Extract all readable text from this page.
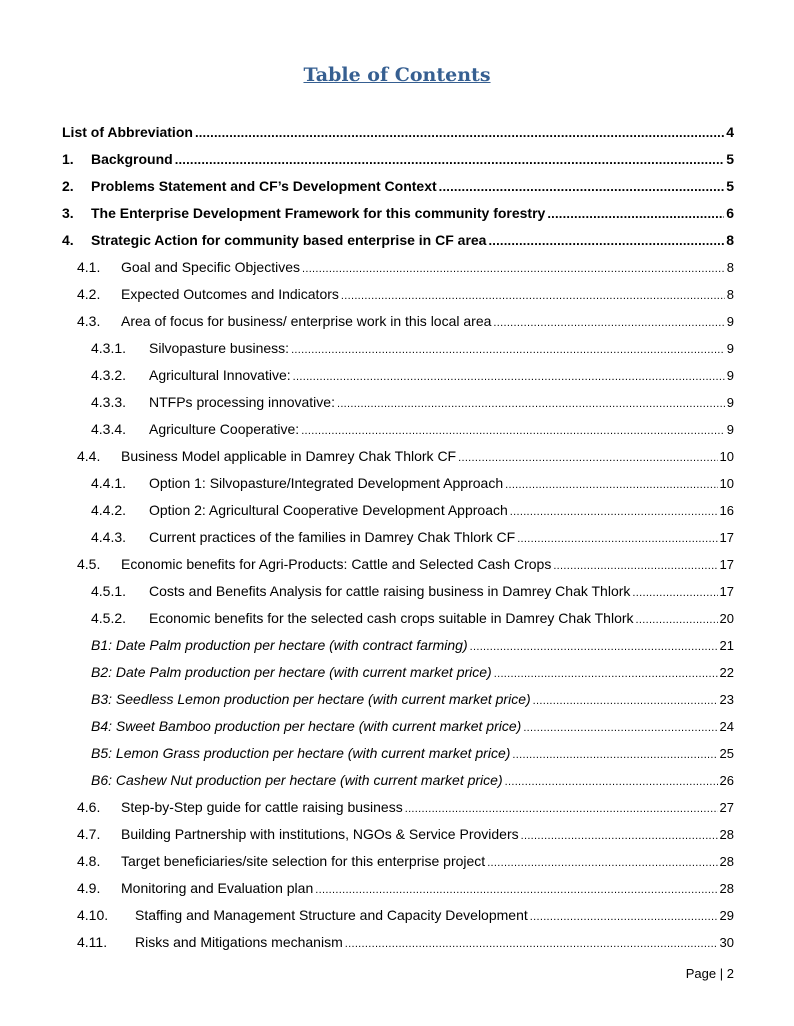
Table of Contents
List of Abbreviation .....	4
1.	Background .....	5
2.	Problems Statement and CF’s Development Context .....	5
3.	The Enterprise Development Framework for this community forestry .....	6
4.	Strategic Action for community based enterprise in CF area .....	8
4.1.	Goal and Specific Objectives .....	8
4.2.	Expected Outcomes and Indicators .....	8
4.3.	Area of focus for business/ enterprise work in this local area .....	9
4.3.1.	Silvopasture business: .....	9
4.3.2.	Agricultural Innovative: .....	9
4.3.3.	NTFPs processing innovative: .....	9
4.3.4.	Agriculture Cooperative: .....	9
4.4.	Business Model applicable in Damrey Chak Thlork CF .....	10
4.4.1.	Option 1: Silvopasture/Integrated Development Approach .....	10
4.4.2.	Option 2: Agricultural Cooperative Development Approach .....	16
4.4.3.	Current practices of the families in Damrey Chak Thlork CF .....	17
4.5.	Economic benefits for Agri-Products: Cattle and Selected Cash Crops .....	17
4.5.1.	Costs and Benefits Analysis for cattle raising business in Damrey Chak Thlork .....	17
4.5.2.	Economic benefits for the selected cash crops suitable in Damrey Chak Thlork .....	20
B1: Date Palm production per hectare (with contract farming) .....	21
B2: Date Palm production per hectare (with current market price) .....	22
B3: Seedless Lemon production per hectare (with current market price) .....	23
B4: Sweet Bamboo production per hectare (with current market price) .....	24
B5: Lemon Grass production per hectare (with current market price) .....	25
B6: Cashew Nut production per hectare (with current market price) .....	26
4.6.	Step-by-Step guide for cattle raising business .....	27
4.7.	Building Partnership with institutions, NGOs & Service Providers .....	28
4.8.	Target beneficiaries/site selection for this enterprise project .....	28
4.9.	Monitoring and Evaluation plan .....	28
4.10.	Staffing and Management Structure and Capacity Development .....	29
4.11.	Risks and Mitigations mechanism .....	30
Page | 2
